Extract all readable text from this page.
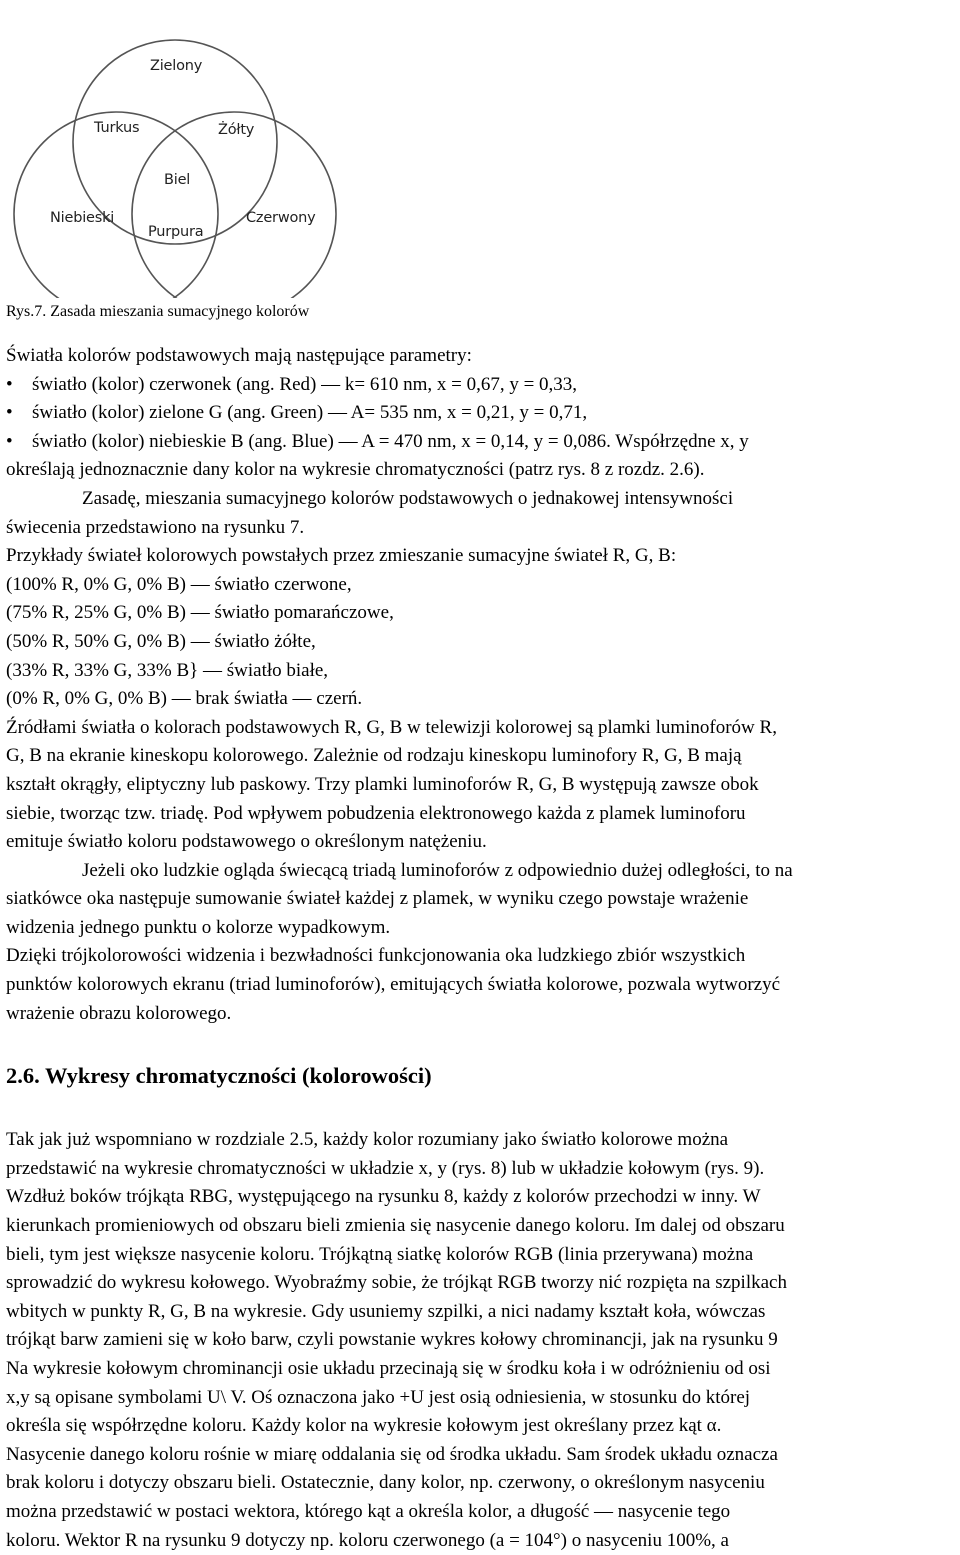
Zielony
Turkus	Żółty
Biel
Niebieski
Purpura
Czerwony
Rys.7. Zasada mieszania sumacyjnego kolorów
Światła kolorów podstawowych mają następujące parametry:
• światło (kolor) czerwonek (ang. Red) — k= 610 nm, x = 0,67, y = 0,33,
• światło (kolor) zielone G (ang. Green) — A= 535 nm, x = 0,21, y = 0,71,
• światło (kolor) niebieskie B (ang. Blue) — A = 470 nm, x = 0,14, y = 0,086. Współrzędne x, y
określają jednoznacznie dany kolor na wykresie chromatyczności (patrz rys. 8 z rozdz. 2.6).
Zasadę, mieszania sumacyjnego kolorów podstawowych o jednakowej intensywności
świecenia przedstawiono na rysunku 7.
Przykłady świateł kolorowych powstałych przez zmieszanie sumacyjne świateł R, G, B:
(100% R, 0% G, 0% B) — światło czerwone,
(75% R, 25% G, 0% B) — światło pomarańczowe,
(50% R, 50% G, 0% B) — światło żółte,
(33% R, 33% G, 33% B} — światło białe,
(0% R, 0% G, 0% B) — brak światła — czerń.
Źródłami światła o kolorach podstawowych R, G, B w telewizji kolorowej są plamki luminoforów R,
G, B na ekranie kineskopu kolorowego. Zależnie od rodzaju kineskopu luminofory R, G, B mają
kształt okrągły, eliptyczny lub paskowy. Trzy plamki luminoforów R, G, B występują zawsze obok
siebie, tworząc tzw. triadę. Pod wpływem pobudzenia elektronowego każda z plamek luminoforu
emituje światło koloru podstawowego o określonym natężeniu.
Jeżeli oko ludzkie ogląda świecącą triadą luminoforów z odpowiednio dużej odległości, to na
siatkówce oka następuje sumowanie świateł każdej z plamek, w wyniku czego powstaje wrażenie
widzenia jednego punktu o kolorze wypadkowym.
Dzięki trójkolorowości widzenia i bezwładności funkcjonowania oka ludzkiego zbiór wszystkich
punktów kolorowych ekranu (triad luminoforów), emitujących światła kolorowe, pozwala wytworzyć
wrażenie obrazu kolorowego.
2.6. Wykresy chromatyczności (kolorowości)
Tak jak już wspomniano w rozdziale 2.5, każdy kolor rozumiany jako światło kolorowe można
przedstawić na wykresie chromatyczności w układzie x, y (rys. 8) lub w układzie kołowym (rys. 9).
Wzdłuż boków trójkąta RBG, występującego na rysunku 8, każdy z kolorów przechodzi w inny. W
kierunkach promieniowych od obszaru bieli zmienia się nasycenie danego koloru. Im dalej od obszaru
bieli, tym jest większe nasycenie koloru. Trójkątną siatkę kolorów RGB (linia przerywana) można
sprowadzić do wykresu kołowego. Wyobraźmy sobie, że trójkąt RGB tworzy nić rozpięta na szpilkach
wbitych w punkty R, G, B na wykresie. Gdy usuniemy szpilki, a nici nadamy kształt koła, wówczas
trójkąt barw zamieni się w koło barw, czyli powstanie wykres kołowy chrominancji, jak na rysunku 9
Na wykresie kołowym chrominancji osie układu przecinają się w środku koła i w odróżnieniu od osi
x,y są opisane symbolami U\ V. Oś oznaczona jako +U jest osią odniesienia, w stosunku do której
określa się współrzędne koloru. Każdy kolor na wykresie kołowym jest określany przez kąt α.
Nasycenie danego koloru rośnie w miarę oddalania się od środka układu. Sam środek układu oznacza
brak koloru i dotyczy obszaru bieli. Ostatecznie, dany kolor, np. czerwony, o określonym nasyceniu
można przedstawić w postaci wektora, którego kąt a określa kolor, a długość — nasycenie tego
koloru. Wektor R na rysunku 9 dotyczy np. koloru czerwonego (a = 104°) o nasyceniu 100%, a
